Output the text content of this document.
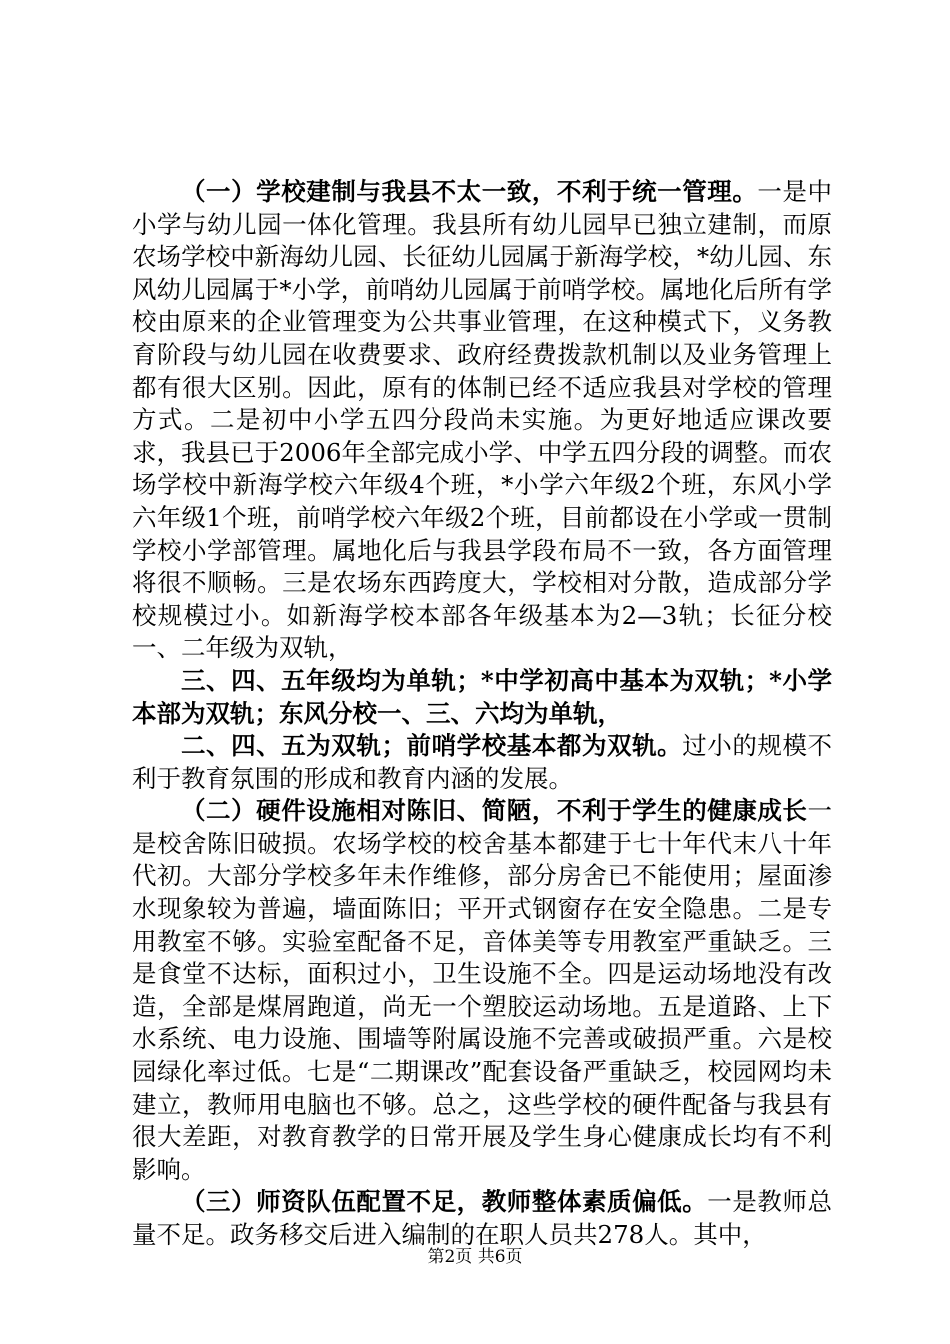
（一）学校建制与我县不太一致，不利于统一管理。一是中小学与幼儿园一体化管理。我县所有幼儿园早已独立建制，而原农场学校中新海幼儿园、长征幼儿园属于新海学校，*幼儿园、东风幼儿园属于*小学，前哨幼儿园属于前哨学校。属地化后所有学校由原来的企业管理变为公共事业管理，在这种模式下，义务教育阶段与幼儿园在收费要求、政府经费拨款机制以及业务管理上都有很大区别。因此，原有的体制已经不适应我县对学校的管理方式。二是初中小学五四分段尚未实施。为更好地适应课改要求，我县已于2006年全部完成小学、中学五四分段的调整。而农场学校中新海学校六年级4个班，*小学六年级2个班，东风小学六年级1个班，前哨学校六年级2个班，目前都设在小学或一贯制学校小学部管理。属地化后与我县学段布局不一致，各方面管理将很不顺畅。三是农场东西跨度大，学校相对分散，造成部分学校规模过小。如新海学校本部各年级基本为2—3轨；长征分校一、二年级为双轨，

三、四、五年级均为单轨；*中学初高中基本为双轨；*小学本部为双轨；东风分校一、三、六均为单轨，

二、四、五为双轨；前哨学校基本都为双轨。过小的规模不利于教育氛围的形成和教育内涵的发展。

（二）硬件设施相对陈旧、简陋，不利于学生的健康成长一是校舍陈旧破损。农场学校的校舍基本都建于七十年代末八十年代初。大部分学校多年未作维修，部分房舍已不能使用；屋面渗水现象较为普遍，墙面陈旧；平开式钢窗存在安全隐患。二是专用教室不够。实验室配备不足，音体美等专用教室严重缺乏。三是食堂不达标，面积过小，卫生设施不全。四是运动场地没有改造，全部是煤屑跑道，尚无一个塑胶运动场地。五是道路、上下水系统、电力设施、围墙等附属设施不完善或破损严重。六是校园绿化率过低。七是“二期课改”配套设备严重缺乏，校园网均未建立，教师用电脑也不够。总之，这些学校的硬件配备与我县有很大差距，对教育教学的日常开展及学生身心健康成长均有不利影响。

（三）师资队伍配置不足，教师整体素质偏低。一是教师总量不足。政务移交后进入编制的在职人员共278人。其中，

第2页 共6页
